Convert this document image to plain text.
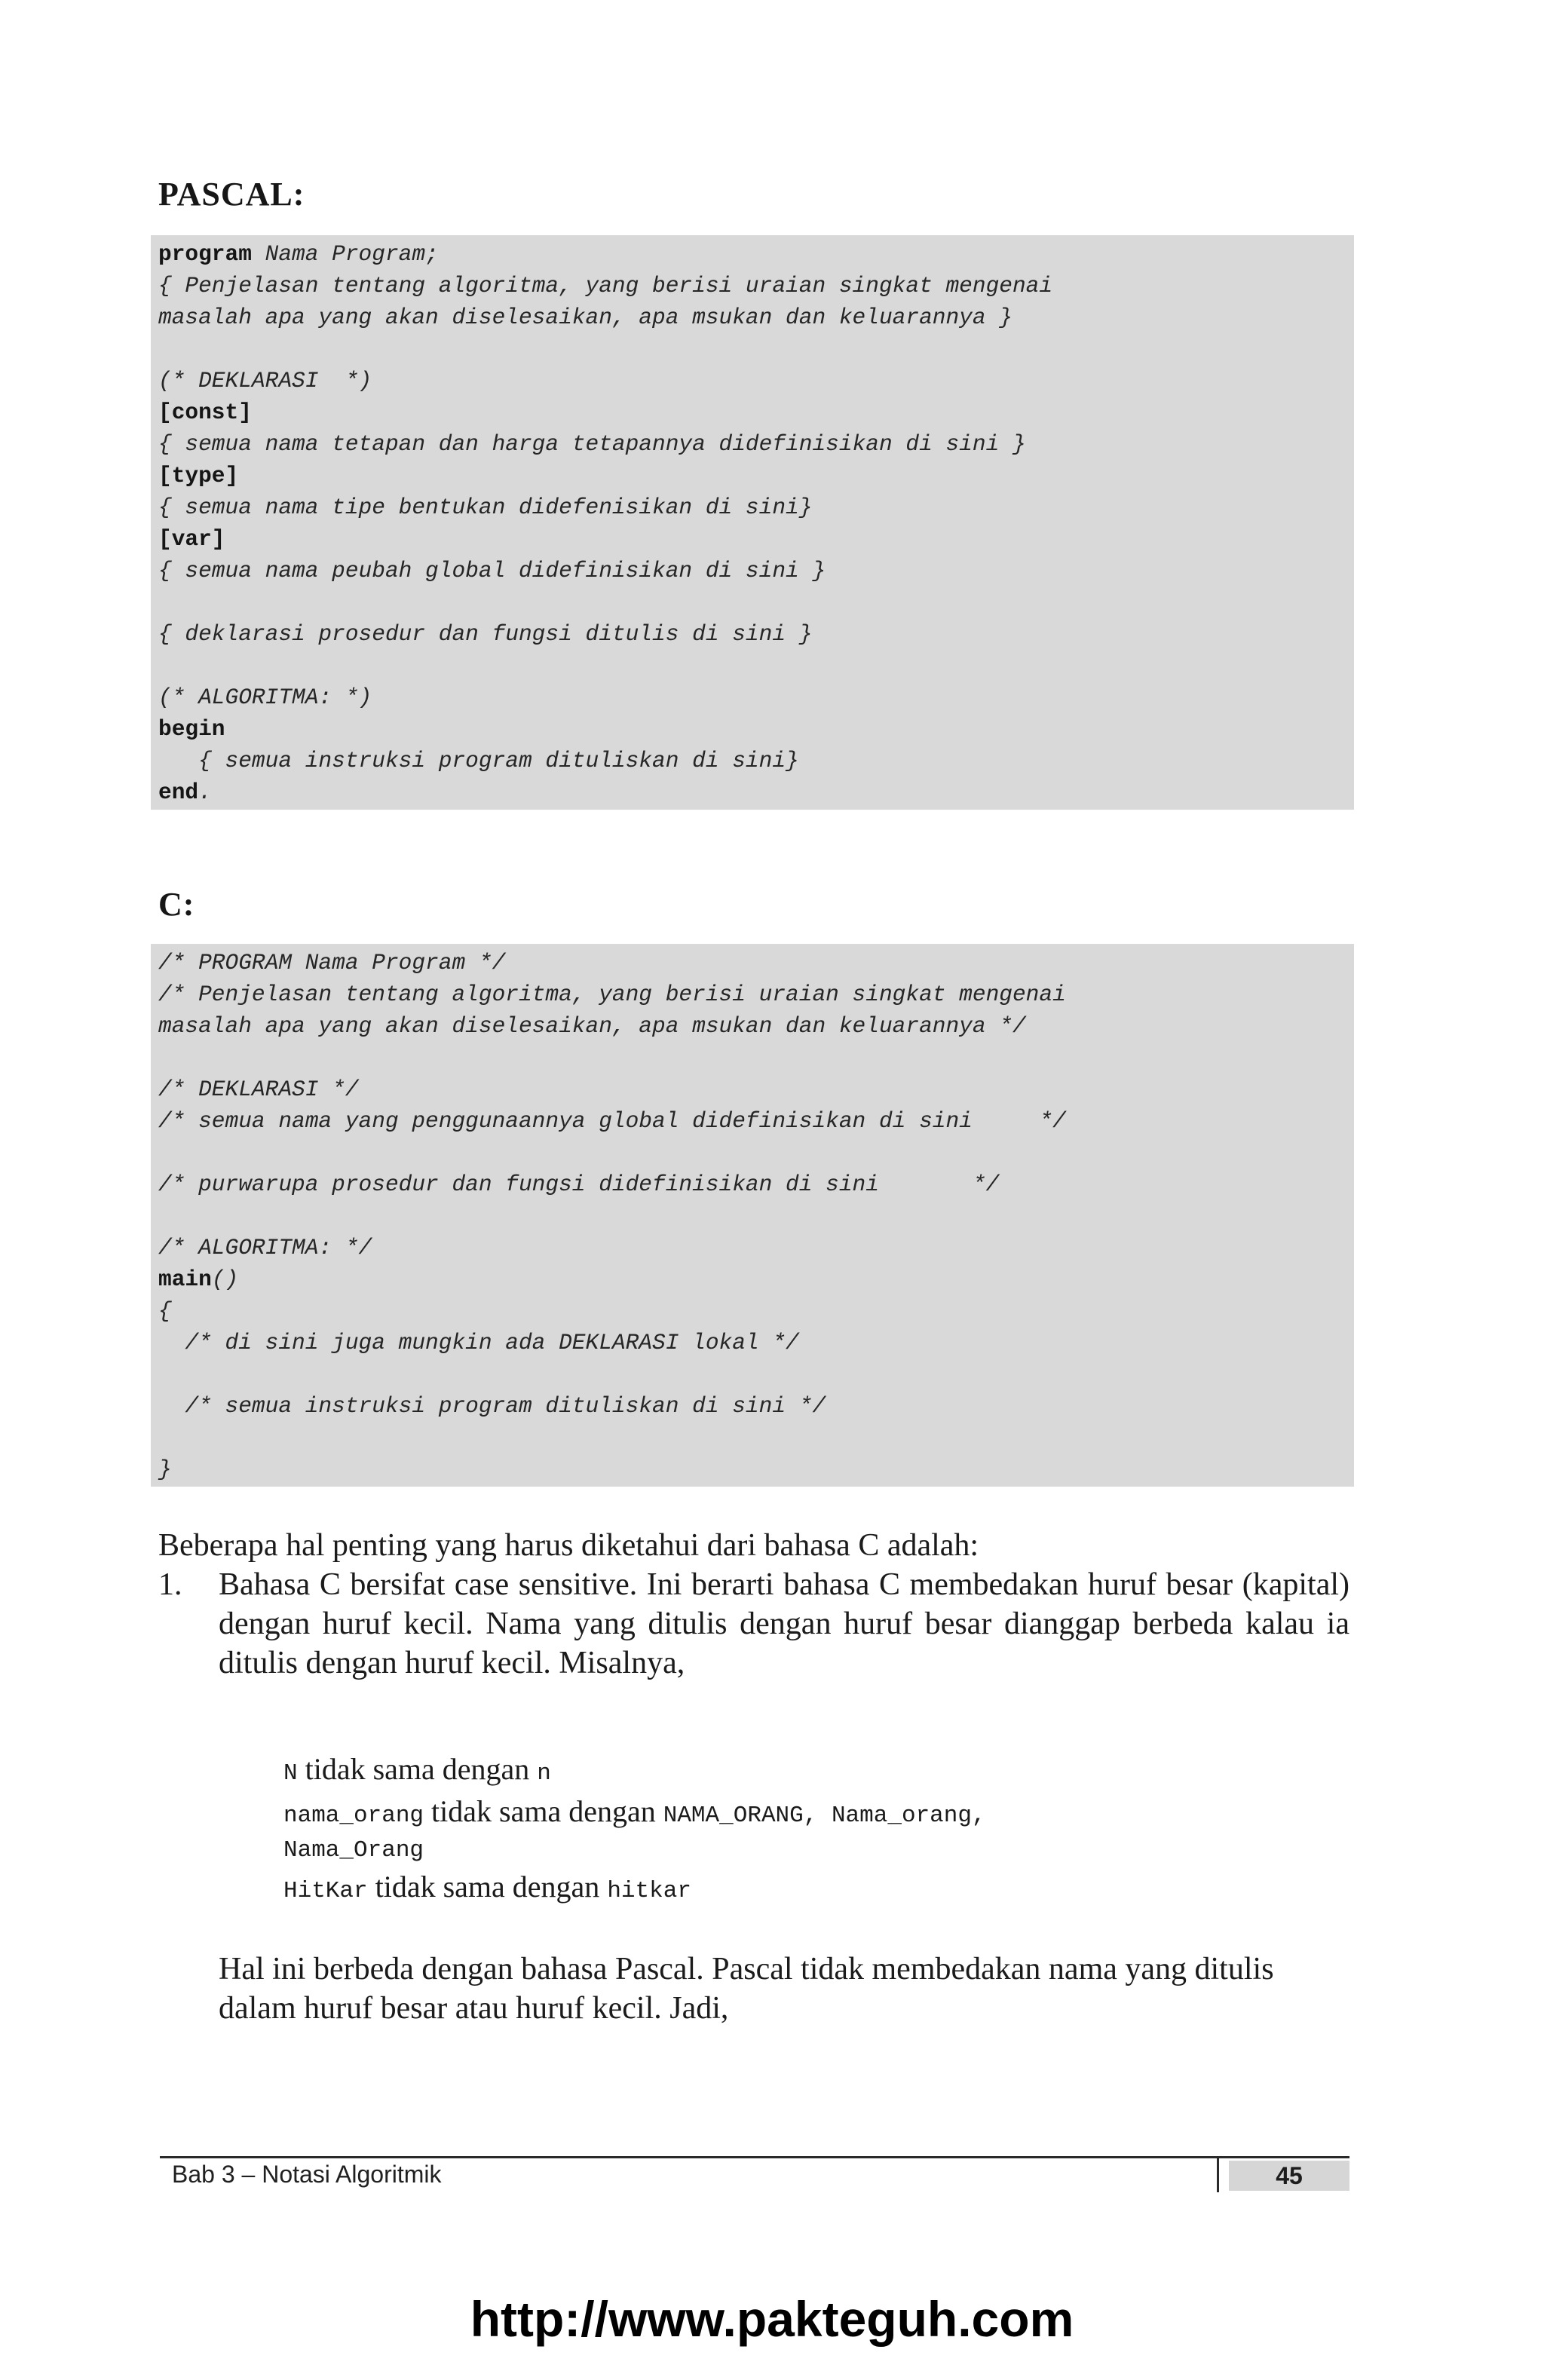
PASCAL:
program Nama Program;
{ Penjelasan tentang algoritma, yang berisi uraian singkat mengenai
masalah apa yang akan diselesaikan, apa msukan dan keluarannya }
(* DEKLARASI  *)
[const]
{ semua nama tetapan dan harga tetapannya didefinisikan di sini }
[type]
{ semua nama tipe bentukan didefenisikan di sini}
[var]
{ semua nama peubah global didefinisikan di sini }
{ deklarasi prosedur dan fungsi ditulis di sini }
(* ALGORITMA: *)
begin
{ semua instruksi program dituliskan di sini}
end.
C:
/* PROGRAM Nama Program */
/* Penjelasan tentang algoritma, yang berisi uraian singkat mengenai
masalah apa yang akan diselesaikan, apa msukan dan keluarannya */
/* DEKLARASI */
/* semua nama yang penggunaannya global didefinisikan di sini     */
/* purwarupa prosedur dan fungsi didefinisikan di sini       */
/* ALGORITMA: */
main()
{
/* di sini juga mungkin ada DEKLARASI lokal */
/* semua instruksi program dituliskan di sini */
}
Beberapa hal penting yang harus diketahui dari bahasa C adalah:
1. Bahasa C bersifat case sensitive. Ini berarti bahasa C membedakan huruf besar (kapital) dengan huruf kecil. Nama yang ditulis dengan huruf besar dianggap berbeda kalau ia ditulis dengan huruf kecil. Misalnya,
N tidak sama dengan n
nama_orang tidak sama dengan NAMA_ORANG, Nama_orang,
Nama_Orang
HitKar tidak sama dengan hitkar
Hal ini berbeda dengan bahasa Pascal. Pascal tidak membedakan nama yang ditulis dalam huruf besar atau huruf kecil. Jadi,
Bab 3 – Notasi Algoritmik	45
http://www.pakteguh.com
